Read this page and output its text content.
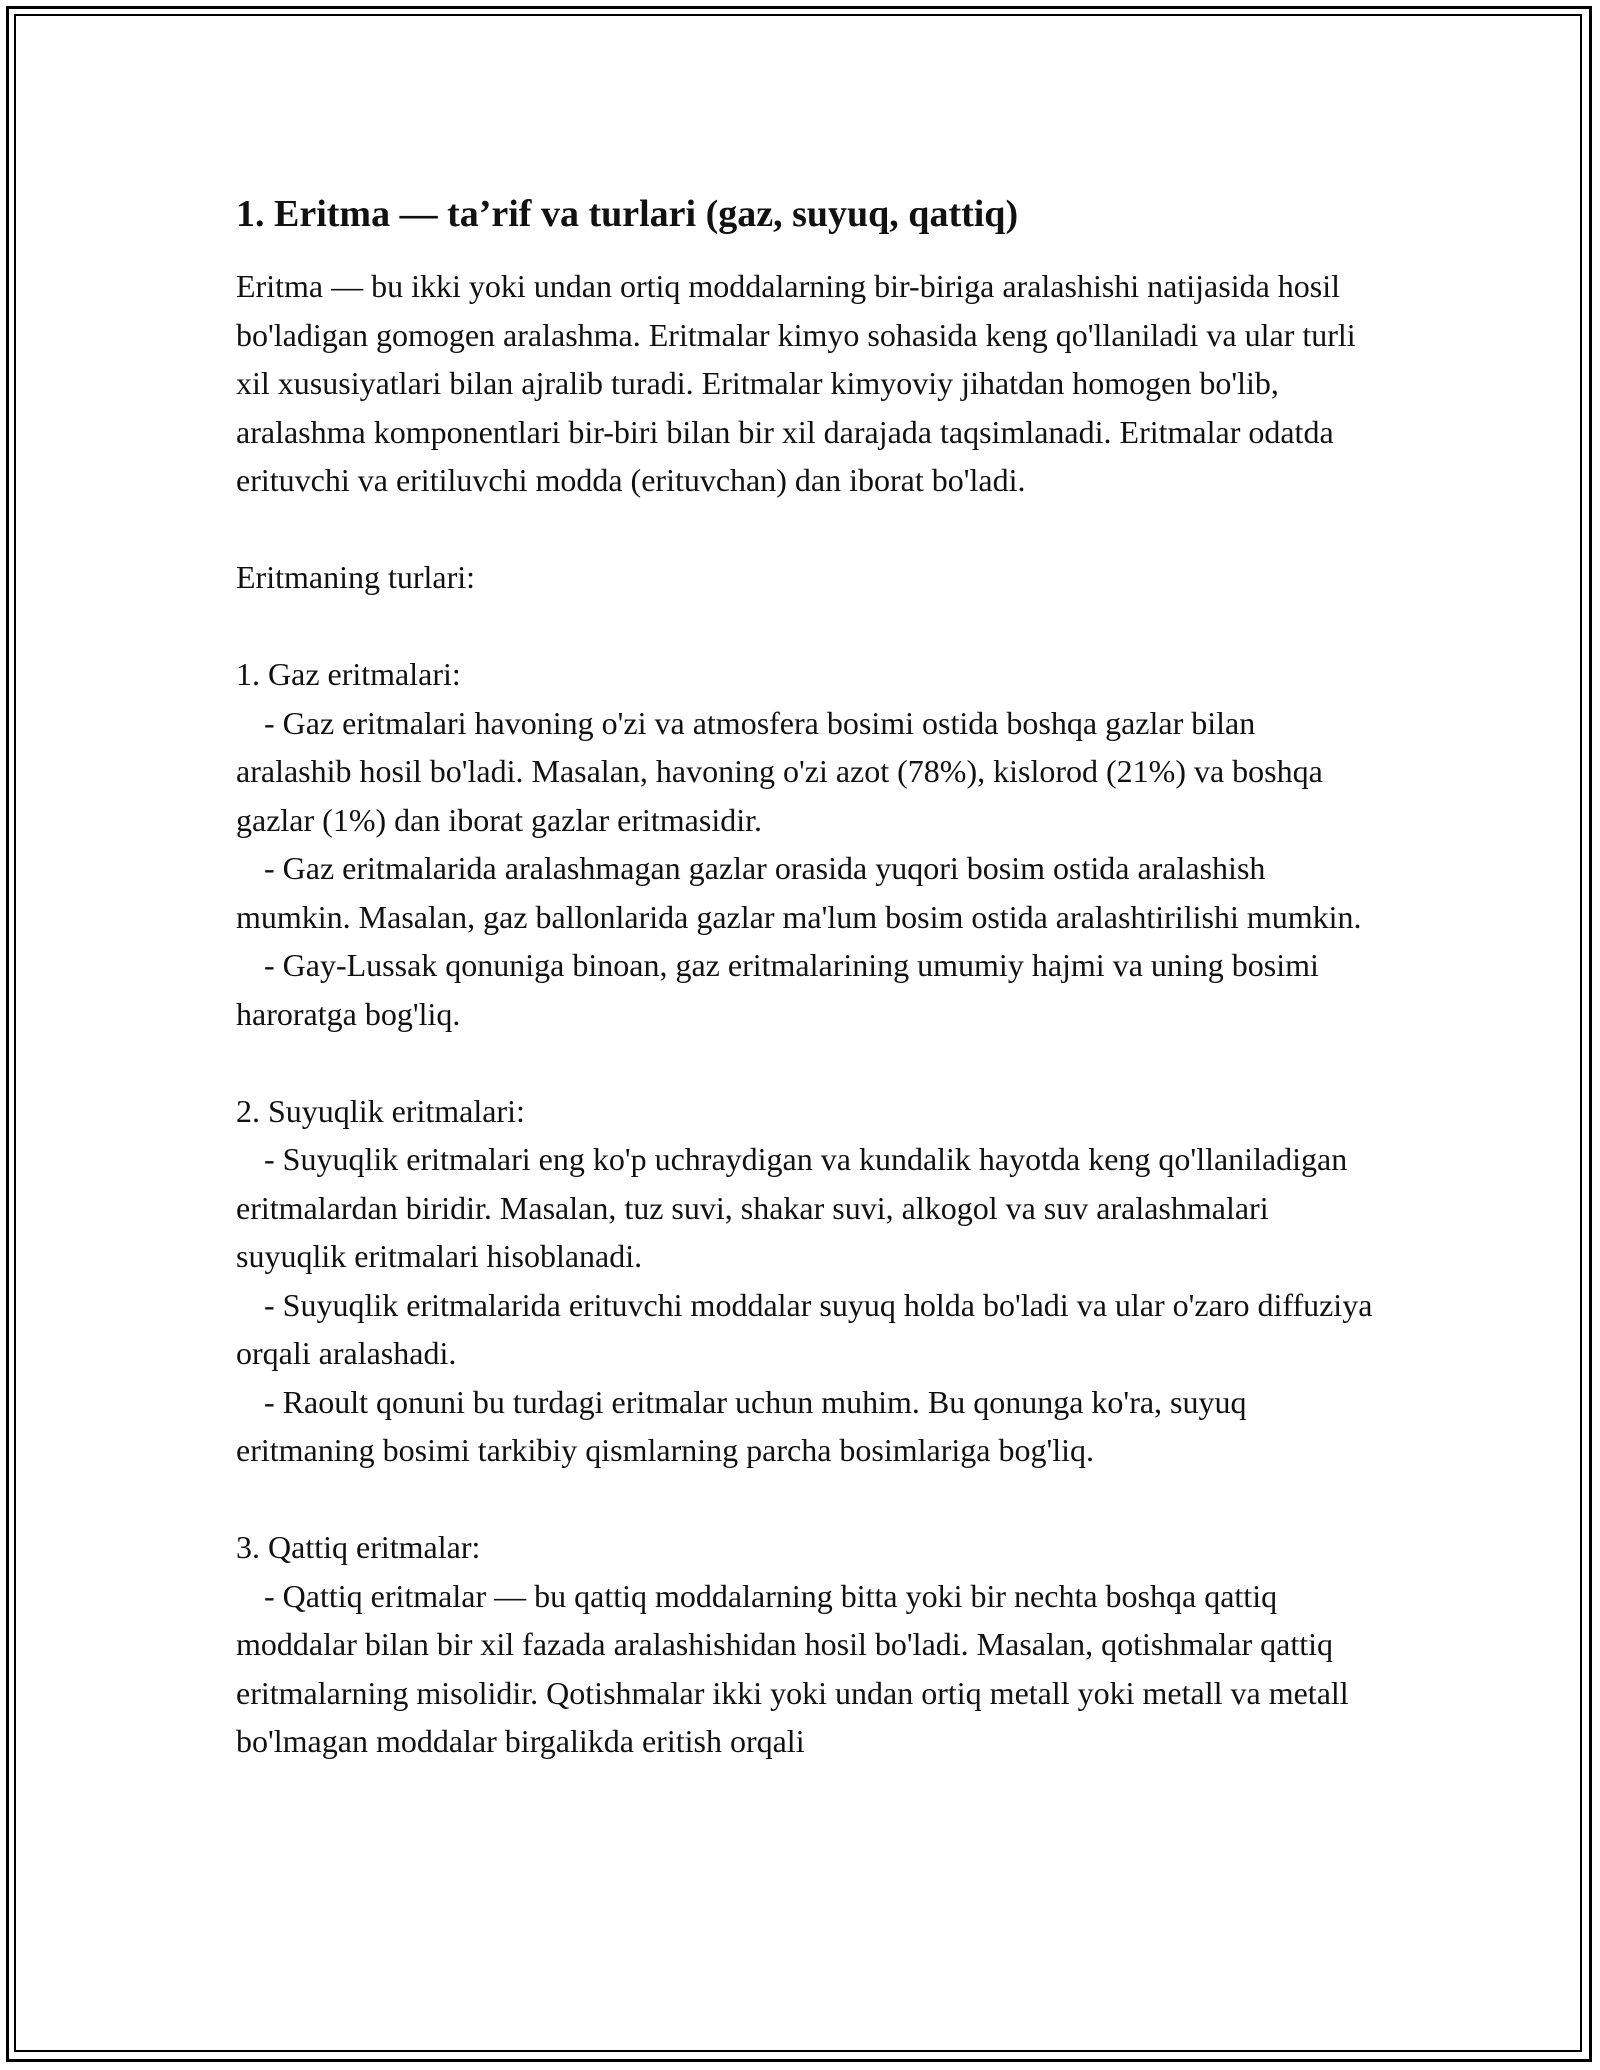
1. Eritma — ta’rif va turlari (gaz, suyuq, qattiq)

Eritma — bu ikki yoki undan ortiq moddalarning bir-biriga aralashishi natijasida hosil bo'ladigan gomogen aralashma. Eritmalar kimyo sohasida keng qo'llaniladi va ular turli xil xususiyatlari bilan ajralib turadi. Eritmalar kimyoviy jihatdan homogen bo'lib, aralashma komponentlari bir-biri bilan bir xil darajada taqsimlanadi. Eritmalar odatda erituvchi va eritiluvchi modda (erituvchan) dan iborat bo'ladi.

Eritmaning turlari:

1. Gaz eritmalari:

- Gaz eritmalari havoning o'zi va atmosfera bosimi ostida boshqa gazlar bilan aralashib hosil bo'ladi. Masalan, havoning o'zi azot (78%), kislorod (21%) va boshqa gazlar (1%) dan iborat gazlar eritmasidir.

- Gaz eritmalarida aralashmagan gazlar orasida yuqori bosim ostida aralashish mumkin. Masalan, gaz ballonlarida gazlar ma'lum bosim ostida aralashtirilishi mumkin.

- Gay-Lussak qonuniga binoan, gaz eritmalarining umumiy hajmi va uning bosimi haroratga bog'liq.

2. Suyuqlik eritmalari:

- Suyuqlik eritmalari eng ko'p uchraydigan va kundalik hayotda keng qo'llaniladigan eritmalardan biridir. Masalan, tuz suvi, shakar suvi, alkogol va suv aralashmalari suyuqlik eritmalari hisoblanadi.

- Suyuqlik eritmalarida erituvchi moddalar suyuq holda bo'ladi va ular o'zaro diffuziya orqali aralashadi.

- Raoult qonuni bu turdagi eritmalar uchun muhim. Bu qonunga ko'ra, suyuq eritmaning bosimi tarkibiy qismlarning parcha bosimlariga bog'liq.

3. Qattiq eritmalar:

- Qattiq eritmalar — bu qattiq moddalarning bitta yoki bir nechta boshqa qattiq moddalar bilan bir xil fazada aralashishidan hosil bo'ladi. Masalan, qotishmalar qattiq eritmalarning misolidir. Qotishmalar ikki yoki undan ortiq metall yoki metall va metall bo'lmagan moddalar birgalikda eritish orqali
